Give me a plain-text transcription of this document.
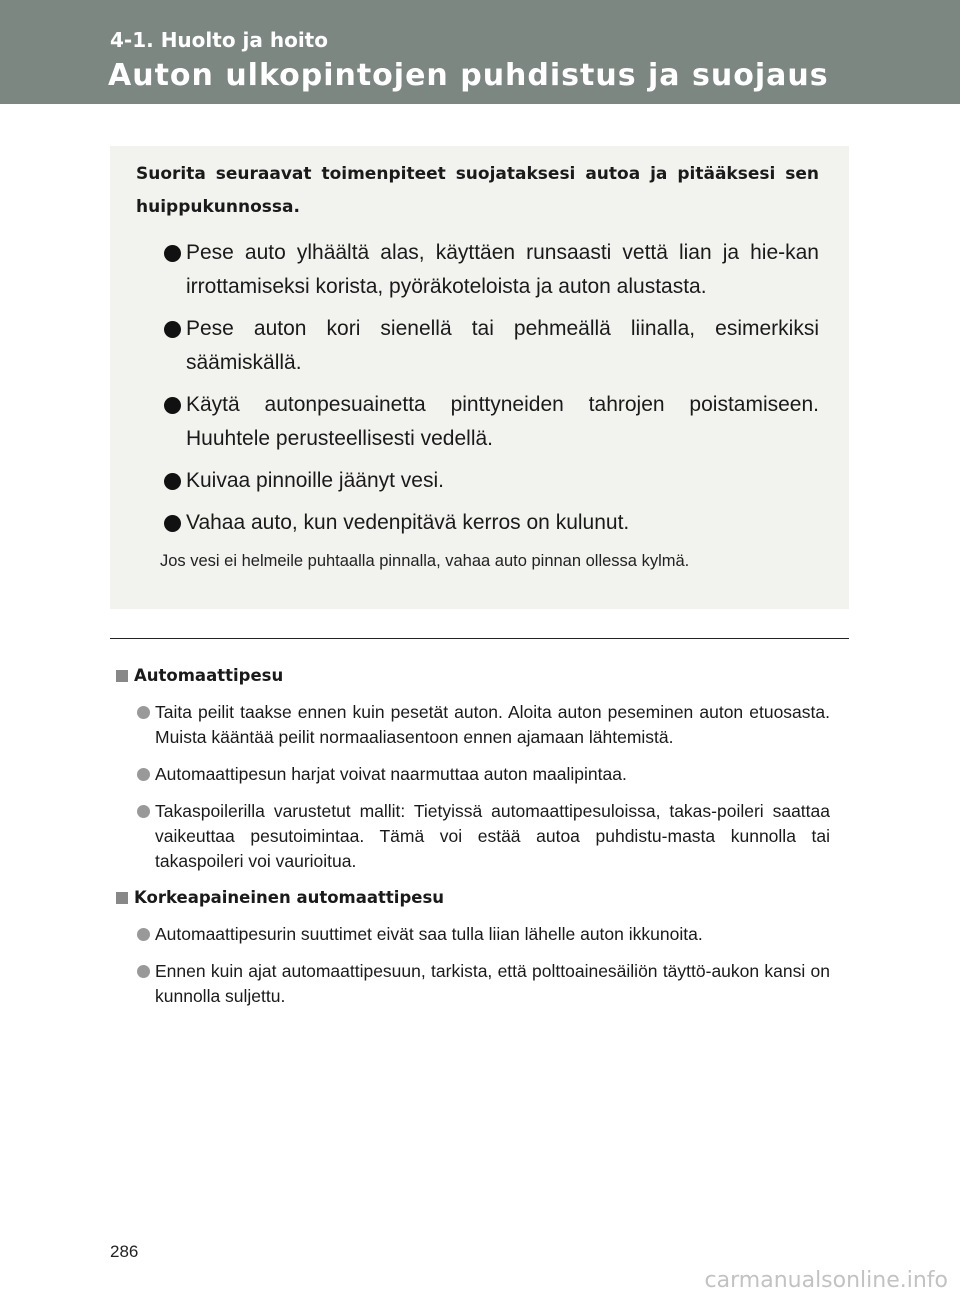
4-1. Huolto ja hoito
Auton ulkopintojen puhdistus ja suojaus

Suorita seuraavat toimenpiteet suojataksesi autoa ja pitääksesi sen huippukunnossa.

Pese auto ylhäältä alas, käyttäen runsaasti vettä lian ja hie-kan irrottamiseksi korista, pyöräkoteloista ja auton alustasta.
Pese auton kori sienellä tai pehmeällä liinalla, esimerkiksi säämiskällä.
Käytä autonpesuainetta pinttyneiden tahrojen poistamiseen. Huuhtele perusteellisesti vedellä.
Kuivaa pinnoille jäänyt vesi.
Vahaa auto, kun vedenpitävä kerros on kulunut.
Jos vesi ei helmeile puhtaalla pinnalla, vahaa auto pinnan ollessa kylmä.
Automaattipesu
Taita peilit taakse ennen kuin pesetät auton. Aloita auton peseminen auton etuosasta. Muista kääntää peilit normaaliasentoon ennen ajamaan lähtemistä.
Automaattipesun harjat voivat naarmuttaa auton maalipintaa.
Takaspoilerilla varustetut mallit: Tietyissä automaattipesuloissa, takas-poileri saattaa vaikeuttaa pesutoimintaa. Tämä voi estää autoa puhdistu-masta kunnolla tai takaspoileri voi vaurioitua.
Korkeapaineinen automaattipesu
Automaattipesurin suuttimet eivät saa tulla liian lähelle auton ikkunoita.
Ennen kuin ajat automaattipesuun, tarkista, että polttoainesäiliön täyttö-aukon kansi on kunnolla suljettu.
286
carmanualsonline.info
